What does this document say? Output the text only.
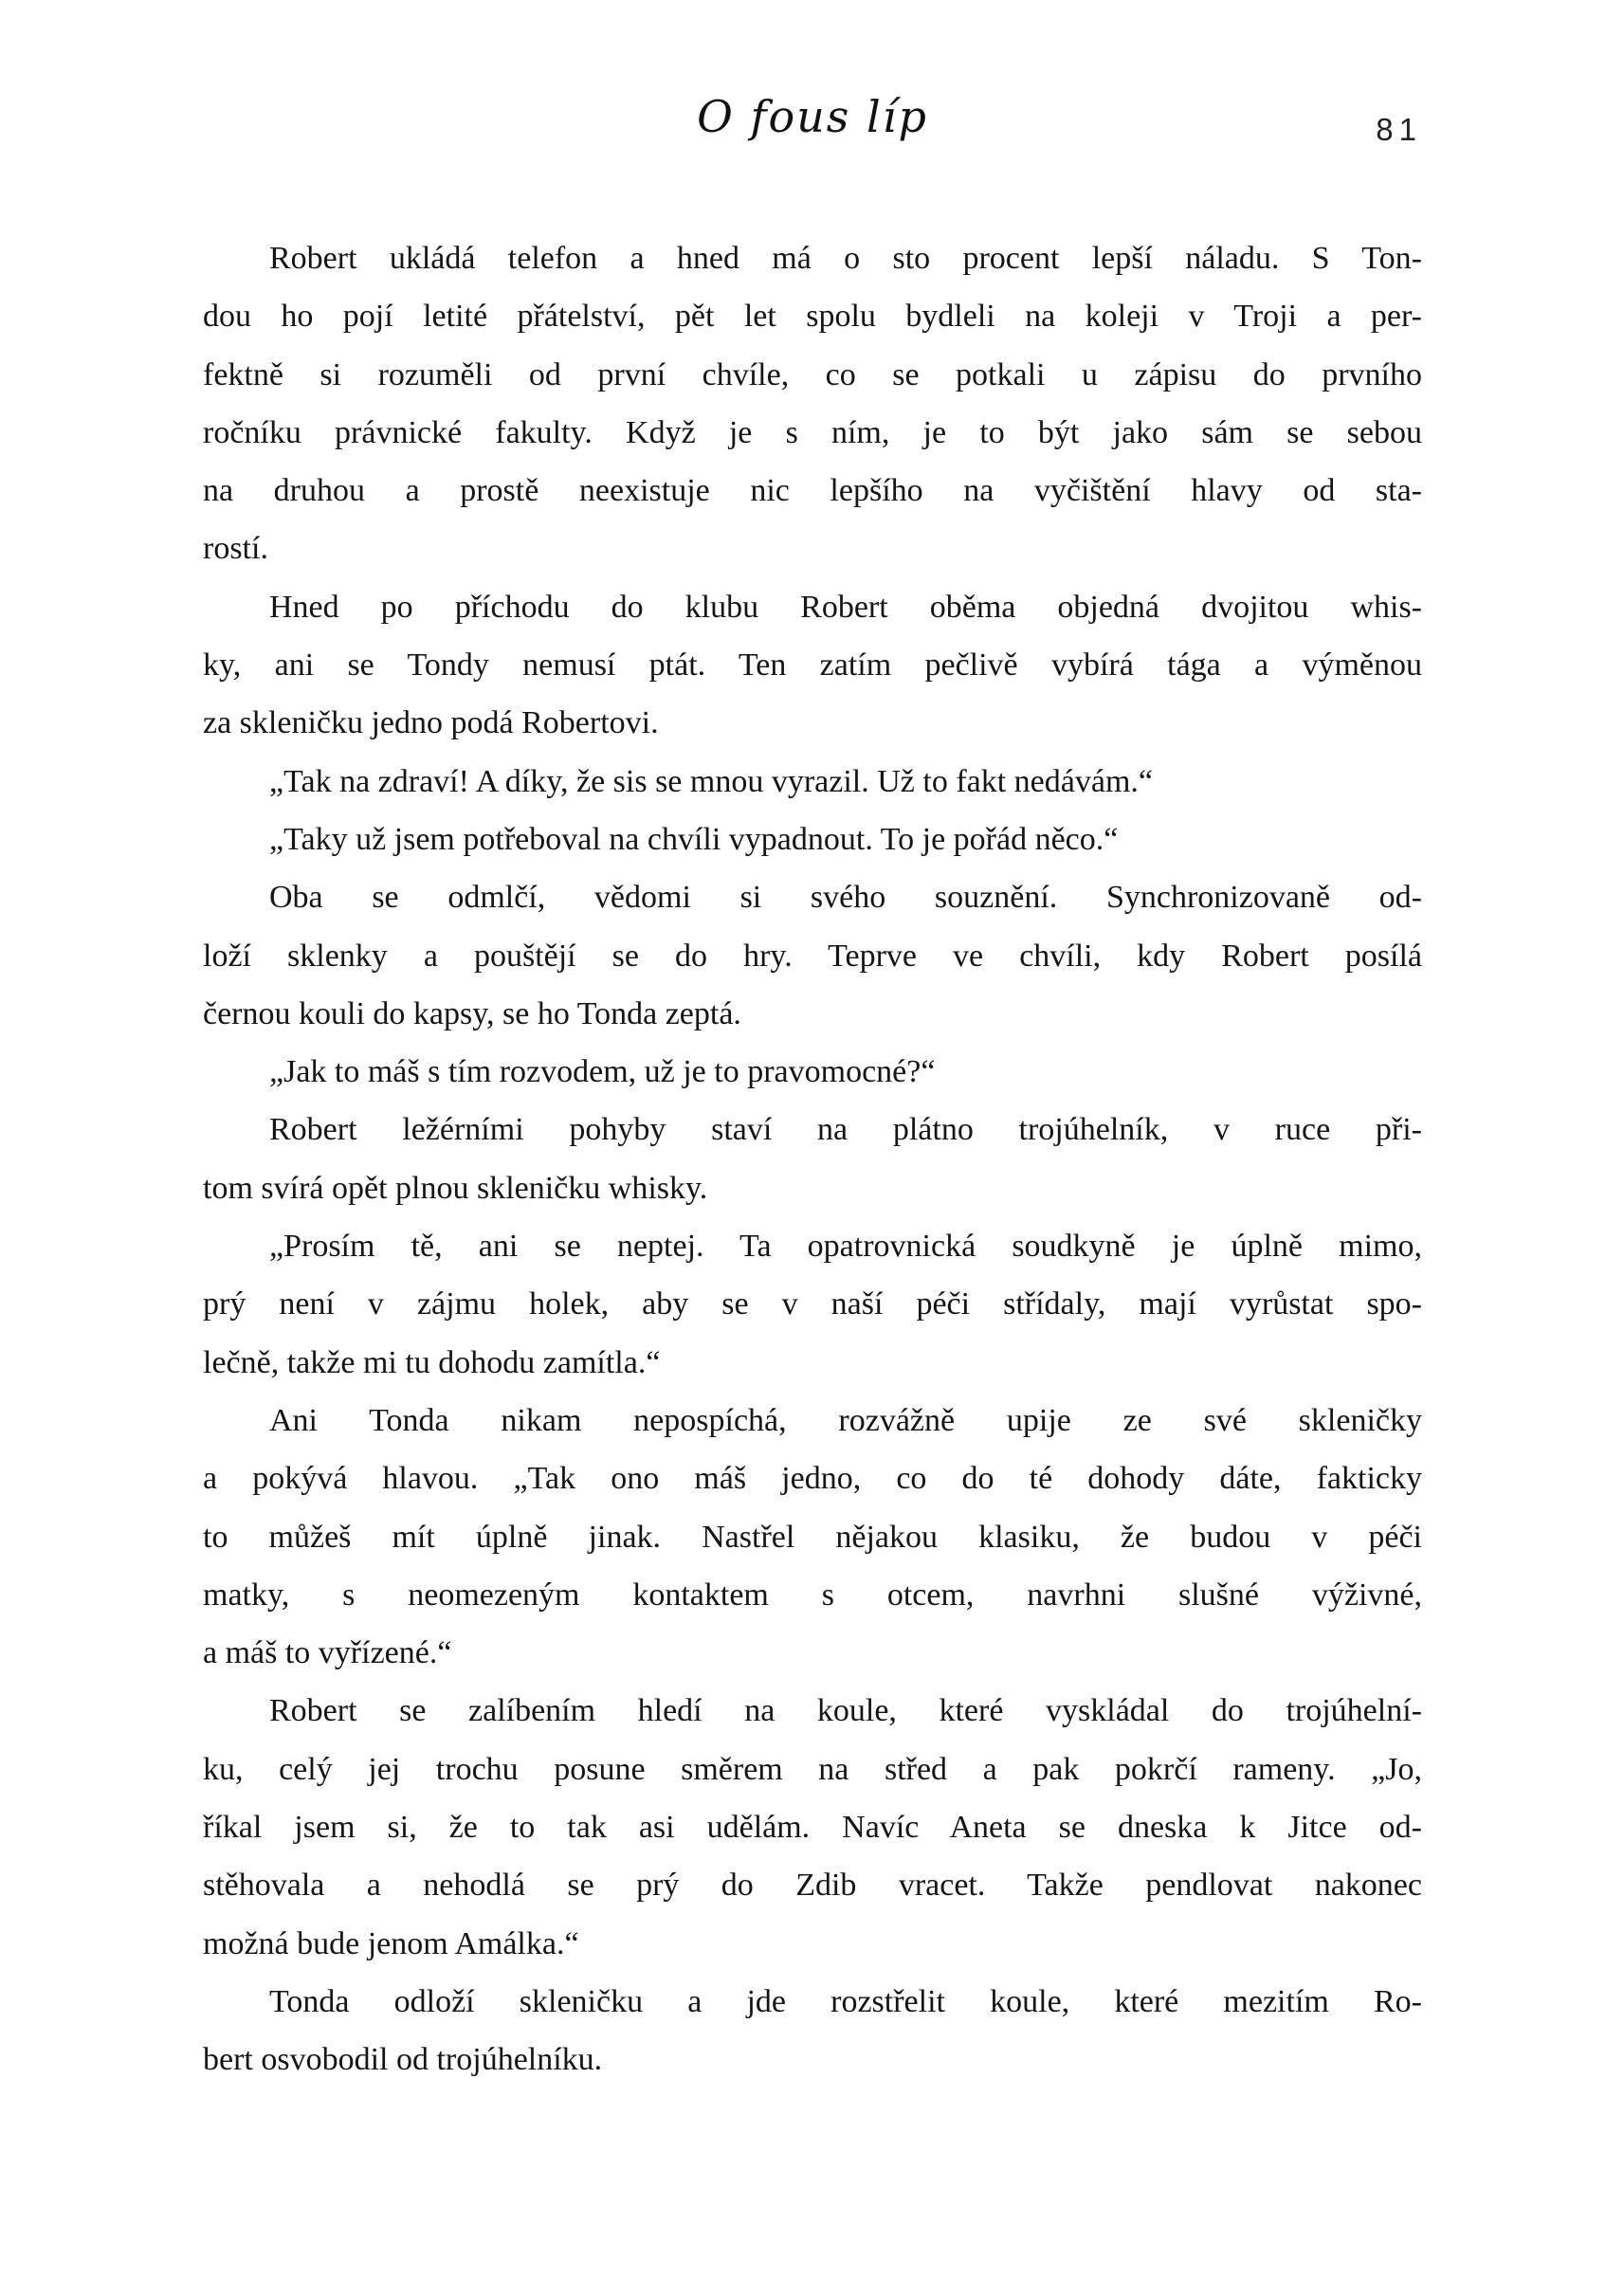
O fous líp	81
Robert ukládá telefon a hned má o sto procent lepší náladu. S Ton-
dou ho pojí letité přátelství, pět let spolu bydleli na koleji v Troji a per-
fektně si rozuměli od první chvíle, co se potkali u zápisu do prvního
ročníku právnické fakulty. Když je s ním, je to být jako sám se sebou
na druhou a prostě neexistuje nic lepšího na vyčištění hlavy od sta-
rostí.
Hned po příchodu do klubu Robert oběma objedná dvojitou whis-
ky, ani se Tondy nemusí ptát. Ten zatím pečlivě vybírá tága a výměnou
za skleničku jedno podá Robertovi.
„Tak na zdraví! A díky, že sis se mnou vyrazil. Už to fakt nedávám.“
„Taky už jsem potřeboval na chvíli vypadnout. To je pořád něco.“
Oba se odmlčí, vědomi si svého souznění. Synchronizovaně od-
loží sklenky a pouštějí se do hry. Teprve ve chvíli, kdy Robert posílá
černou kouli do kapsy, se ho Tonda zeptá.
„Jak to máš s tím rozvodem, už je to pravomocné?“
Robert ležérními pohyby staví na plátno trojúhelník, v ruce při-
tom svírá opět plnou skleničku whisky.
„Prosím tě, ani se neptej. Ta opatrovnická soudkyně je úplně mimo,
prý není v zájmu holek, aby se v naší péči střídaly, mají vyrůstat spo-
lečně, takže mi tu dohodu zamítla.“
Ani Tonda nikam nepospíchá, rozvážně upije ze své skleničky
a pokývá hlavou. „Tak ono máš jedno, co do té dohody dáte, fakticky
to můžeš mít úplně jinak. Nastřel nějakou klasiku, že budou v péči
matky, s neomezeným kontaktem s otcem, navrhni slušné výživné,
a máš to vyřízené.“
Robert se zalíbením hledí na koule, které vyskládal do trojúhelní-
ku, celý jej trochu posune směrem na střed a pak pokrčí rameny. „Jo,
říkal jsem si, že to tak asi udělám. Navíc Aneta se dneska k Jitce od-
stěhovala a nehodlá se prý do Zdib vracet. Takže pendlovat nakonec
možná bude jenom Amálka.“
Tonda odloží skleničku a jde rozstřelit koule, které mezitím Ro-
bert osvobodil od trojúhelníku.
